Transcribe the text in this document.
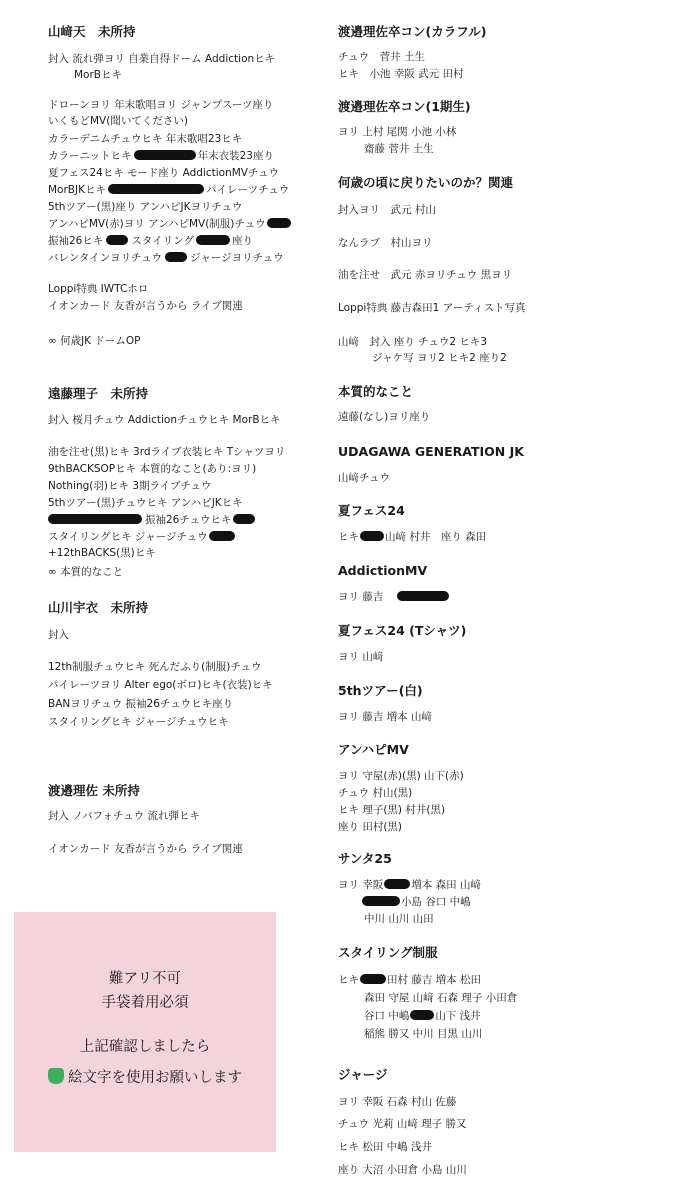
山﨑天　未所持
封入 流れ弾ヨリ 自業自得ドーム Addictionヒキ
MorBヒキ
ドローンヨリ 年末歌唱ヨリ ジャンプスーツ座り
いくもどMV(聞いてください)
カラーデニムチュウヒキ 年末歌唱23ヒキ
カラーニットヒキ	年末衣装23座り
夏フェス24ヒキ モード座り AddictionMVチュウ
MorBJKヒキ	パイレーツチュウ
5thツアー(黒)座り アンハピJKヨリチュウ
アンハピMV(赤)ヨリ アンハピMV(制服)チュウ
振袖26ヒキ	スタイリング	座り
バレンタインヨリチュウ	ジャージヨリチュウ
Loppi特典 IWTCホロ
イオンカード 友香が言うから ライブ関連
∞ 何歳JK ドームOP
遠藤理子　未所持
封入 桜月チュウ Addictionチュウヒキ MorBヒキ
油を注せ(黒)ヒキ 3rdライブ衣装ヒキ Tシャツヨリ
9thBACKSOPヒキ 本質的なこと(あり:ヨリ)
Nothing(羽)ヒキ 3期ライブチュウ
5thツアー(黒)チュウヒキ アンハピJKヒキ
振袖26チュウヒキ
スタイリングヒキ ジャージチュウ
+12thBACKS(黒)ヒキ
∞ 本質的なこと
山川宇衣　未所持
封入
12th制服チュウヒキ 死んだふり(制服)チュウ
パイレーツヨリ Alter ego(ボロ)ヒキ(衣装)ヒキ
BANヨリチュウ 振袖26チュウヒキ座り
スタイリングヒキ ジャージチュウヒキ
渡邉理佐 未所持
封入 ノバフォチュウ 流れ弾ヒキ
イオンカード 友香が言うから ライブ関連
難アリ不可
手袋着用必須
上記確認しましたら
絵文字を使用お願いします
渡邉理佐卒コン(カラフル)
チュウ　菅井 土生
ヒキ　小池 幸阪 武元 田村
渡邉理佐卒コン(1期生)
ヨリ 上村 尾関 小池 小林
齋藤 菅井 土生
何歳の頃に戻りたいのか？関連
封入ヨリ　武元 村山
なんラブ　村山ヨリ
油を注せ　武元 赤ヨリチュウ 黒ヨリ
Loppi特典 藤吉森田1 アーティスト写真
山﨑　封入 座り チュウ2 ヒキ3
ジャケ写 ヨリ2 ヒキ2 座り2
本質的なこと
遠藤(なし)ヨリ座り
UDAGAWA GENERATION JK
山﨑チュウ
夏フェス24
ヒキ 山﨑 村井　座り 森田
AddictionMV
ヨリ 藤吉
夏フェス24 (Tシャツ)
ヨリ 山﨑
5thツアー(白)
ヨリ 藤吉 増本 山﨑
アンハピMV
ヨリ 守屋(赤)(黒) 山下(赤)
チュウ 村山(黒)
ヒキ 理子(黒) 村井(黒)
座り 田村(黒)
サンタ25
ヨリ 幸阪	増本 森田 山﨑
小島 谷口 中嶋
中川 山川 山田
スタイリング制服
ヒキ	田村 藤吉 増本 松田
森田 守屋 山﨑 石森 理子 小田倉
谷口 中嶋 山下 浅井
稲熊 勝又 中川 目黒 山川
ジャージ
ヨリ 幸阪 石森 村山 佐藤
チュウ 光莉 山﨑 理子 勝又
ヒキ 松田 中嶋 浅井
座り 大沼 小田倉 小島 山川
